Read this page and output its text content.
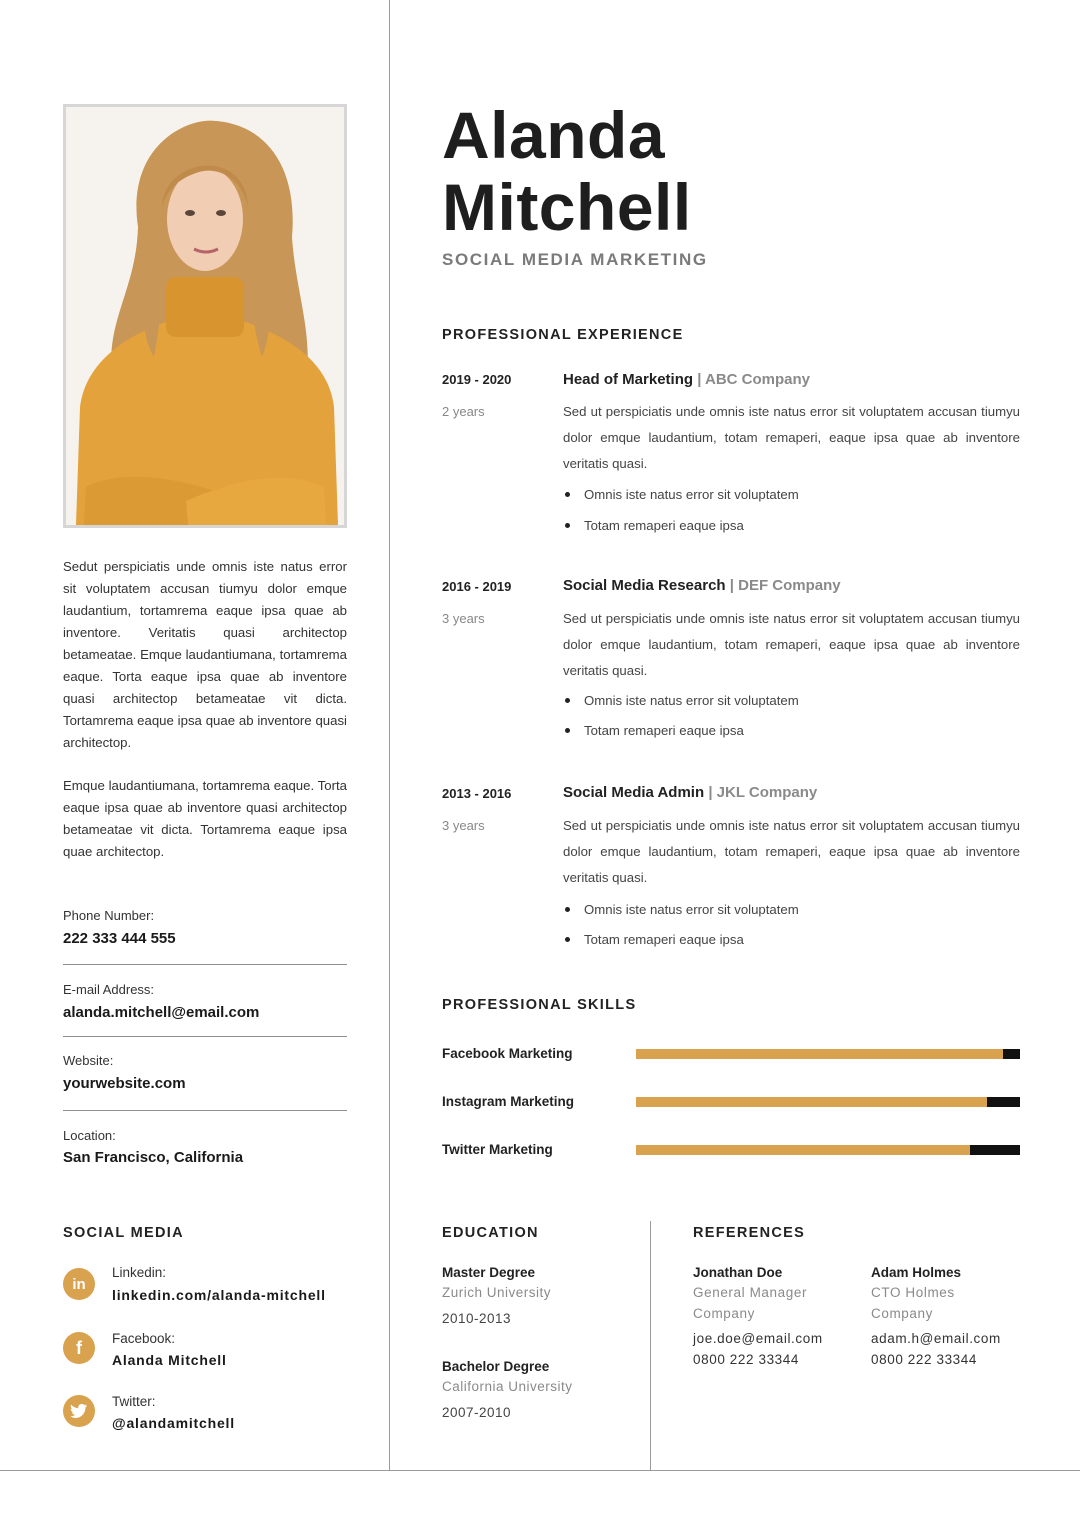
Sedut perspiciatis unde omnis iste natus error sit voluptatem accusan tiumyu dolor emque laudantium, tortamrema eaque ipsa quae ab inventore. Veritatis quasi architectop betameatae. Emque laudantiumana, tortamrema eaque. Torta eaque ipsa quae ab inventore quasi architectop betameatae vit dicta. Tortamrema eaque ipsa quae ab inventore quasi architectop.
Emque laudantiumana, tortamrema eaque. Torta eaque ipsa quae ab inventore quasi architectop betameatae vit dicta. Tortamrema eaque ipsa quae architectop.
Phone Number:
222 333 444 555
E-mail Address:
alanda.mitchell@email.com
Website:
yourwebsite.com
Location:
San Francisco, California
SOCIAL MEDIA
in
Linkedin:
linkedin.com/alanda-mitchell
f Facebook:
Alanda Mitchell
Twitter:
@alandamitchell
Alanda
Mitchell
SOCIAL MEDIA MARKETING
PROFESSIONAL EXPERIENCE
2019 - 2020
2 years
Head of Marketing | ABC Company
Sed ut perspiciatis unde omnis iste natus error sit voluptatem accusan tiumyu dolor emque laudantium, totam remaperi, eaque ipsa quae ab inventore veritatis quasi.
Omnis iste natus error sit voluptatem
Totam remaperi eaque ipsa
2016 - 2019
3 years
Social Media Research | DEF Company
Sed ut perspiciatis unde omnis iste natus error sit voluptatem accusan tiumyu dolor emque laudantium, totam remaperi, eaque ipsa quae ab inventore veritatis quasi.
Omnis iste natus error sit voluptatem
Totam remaperi eaque ipsa
2013 - 2016
3 years
Social Media Admin | JKL Company
Sed ut perspiciatis unde omnis iste natus error sit voluptatem accusan tiumyu dolor emque laudantium, totam remaperi, eaque ipsa quae ab inventore veritatis quasi.
Omnis iste natus error sit voluptatem
Totam remaperi eaque ipsa
PROFESSIONAL SKILLS
Facebook Marketing
Instagram Marketing
Twitter Marketing
EDUCATION
Master Degree
Zurich University
2010-2013
Bachelor Degree
California University
2007-2010
REFERENCES
Jonathan Doe
General Manager
Company
joe.doe@email.com
0800 222 33344
Adam Holmes
CTO Holmes
Company
adam.h@email.com
0800 222 33344
